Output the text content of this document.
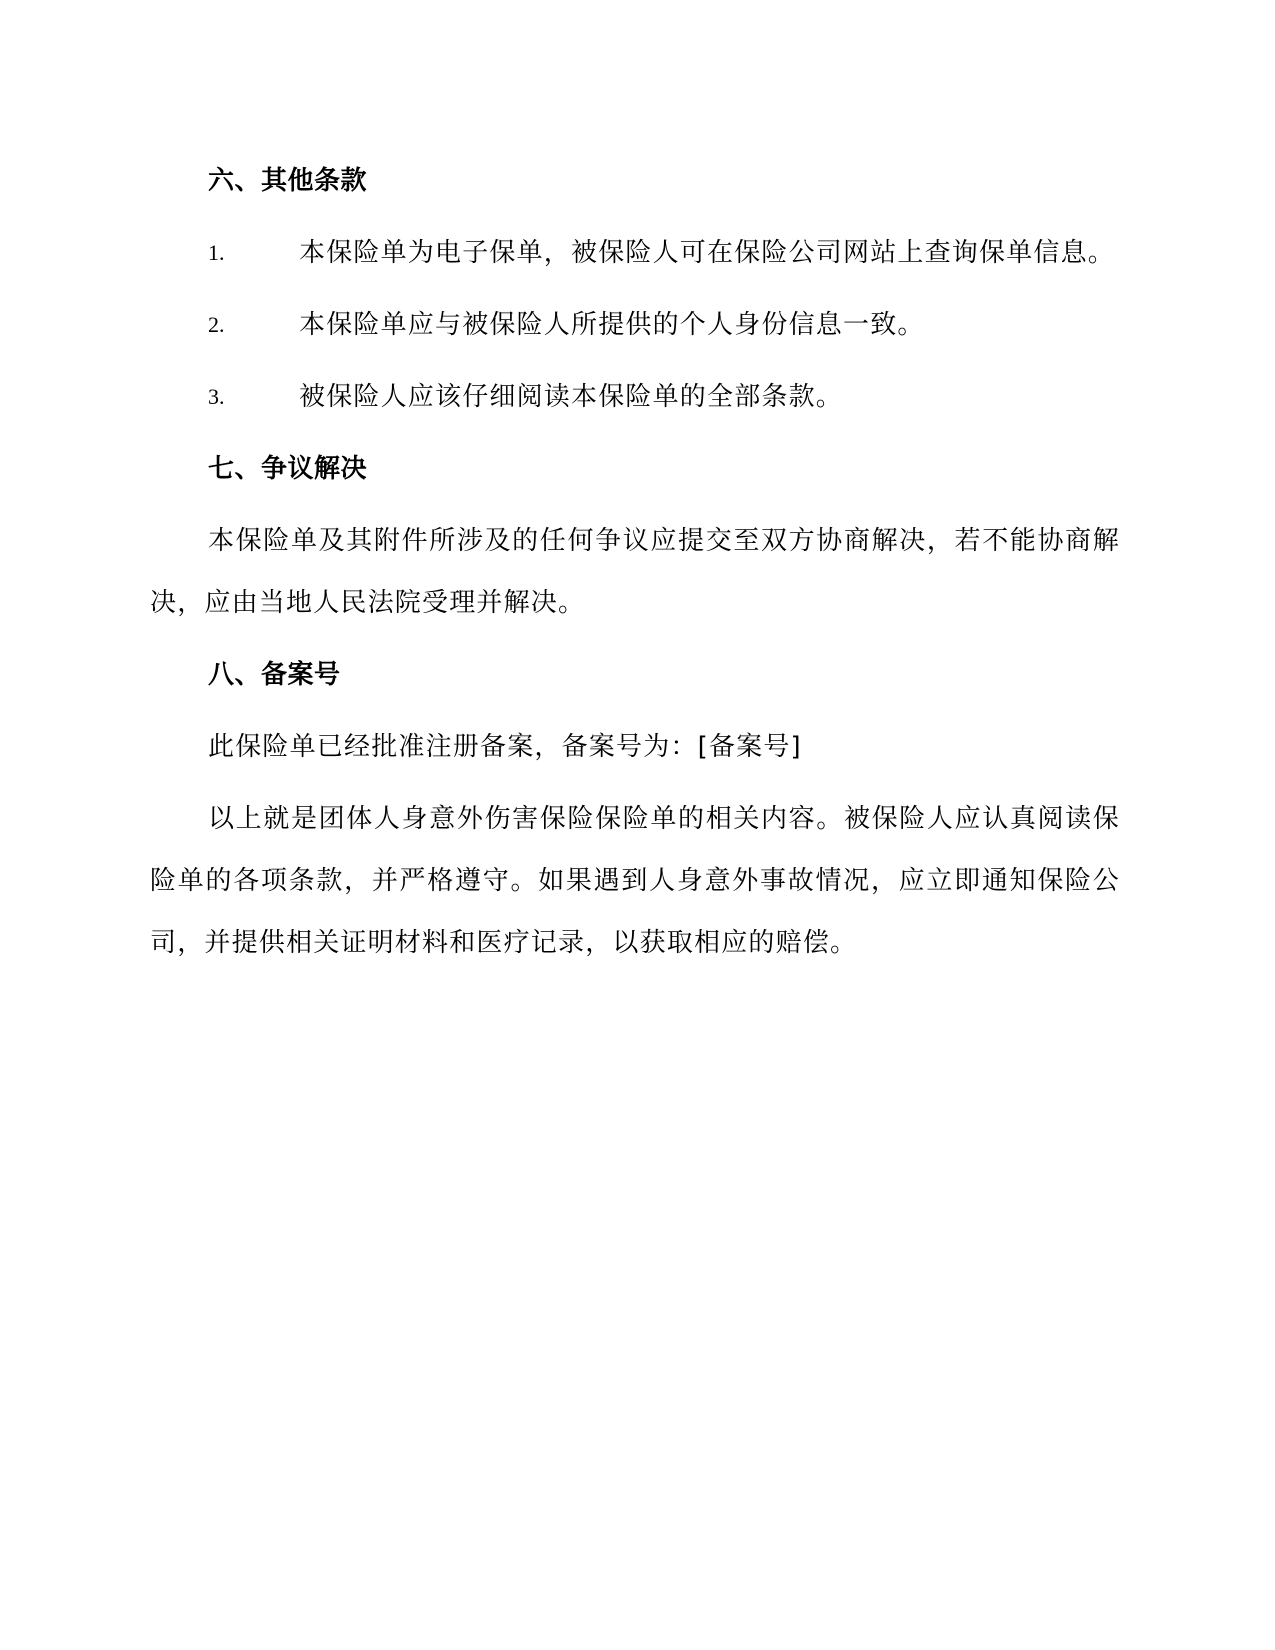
六、其他条款

1.	本保险单为电子保单，被保险人可在保险公司网站上查询保单信息。

2.	本保险单应与被保险人所提供的个人身份信息一致。

3.	被保险人应该仔细阅读本保险单的全部条款。

七、争议解决

本保险单及其附件所涉及的任何争议应提交至双方协商解决，若不能协商解决，应由当地人民法院受理并解决。

八、备案号

此保险单已经批准注册备案，备案号为：[备案号]

以上就是团体人身意外伤害保险保险单的相关内容。被保险人应认真阅读保险单的各项条款，并严格遵守。如果遇到人身意外事故情况，应立即通知保险公司，并提供相关证明材料和医疗记录，以获取相应的赔偿。
